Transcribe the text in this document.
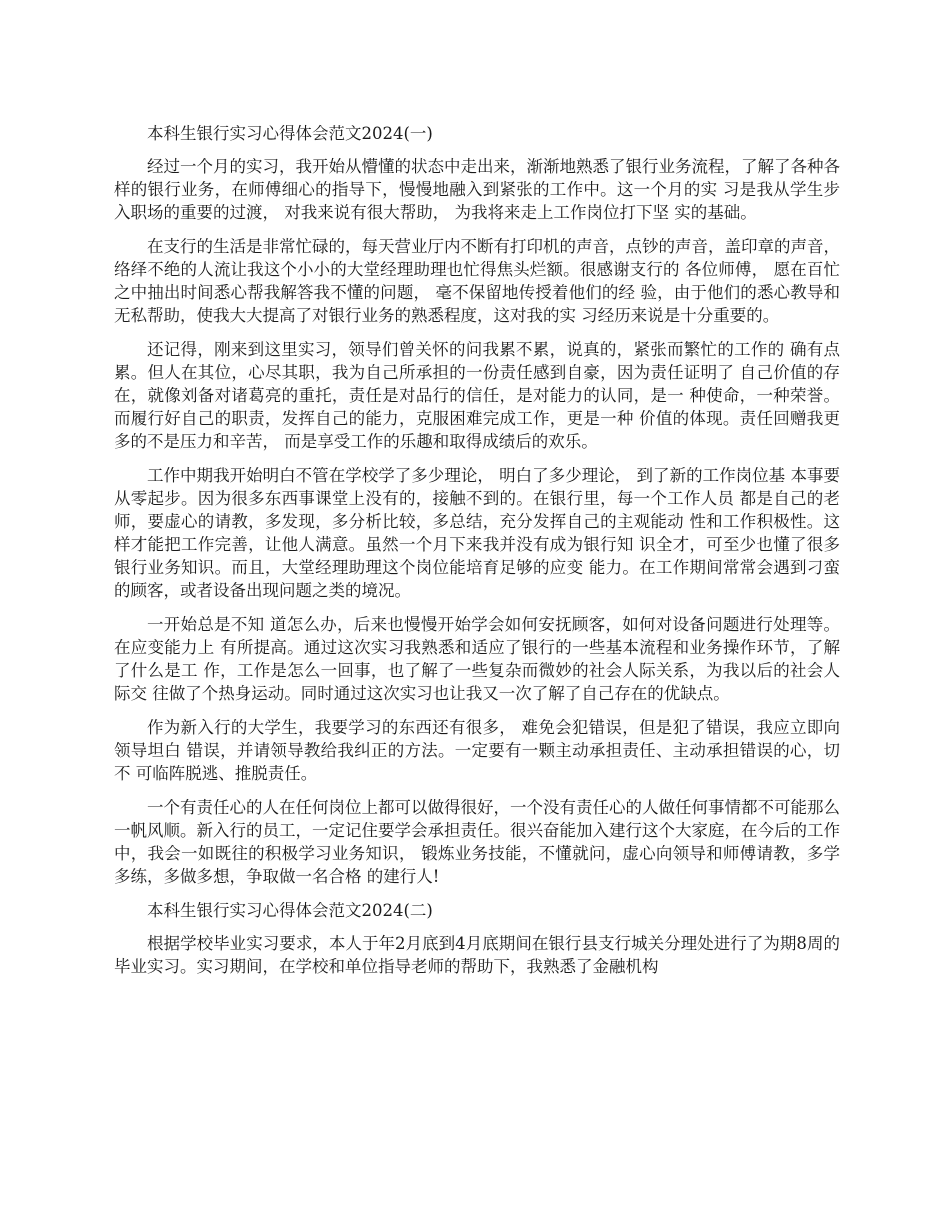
本科生银行实习心得体会范文2024(一)

经过一个月的实习，我开始从懵懂的状态中走出来，渐渐地熟悉了银行业务流程，了解了各种各样的银行业务，在师傅细心的指导下，慢慢地融入到紧张的工作中。这一个月的实 习是我从学生步入职场的重要的过渡， 对我来说有很大帮助， 为我将来走上工作岗位打下坚 实的基础。

在支行的生活是非常忙碌的，每天营业厅内不断有打印机的声音，点钞的声音，盖印章的声音， 络绎不绝的人流让我这个小小的大堂经理助理也忙得焦头烂额。很感谢支行的 各位师傅， 愿在百忙之中抽出时间悉心帮我解答我不懂的问题， 毫不保留地传授着他们的经 验，由于他们的悉心教导和无私帮助，使我大大提高了对银行业务的熟悉程度，这对我的实 习经历来说是十分重要的。

还记得，刚来到这里实习，领导们曾关怀的问我累不累，说真的，紧张而繁忙的工作的 确有点累。但人在其位，心尽其职，我为自己所承担的一份责任感到自豪，因为责任证明了 自己价值的存在，就像刘备对诸葛亮的重托，责任是对品行的信任，是对能力的认同，是一 种使命，一种荣誉。而履行好自己的职责，发挥自己的能力，克服困难完成工作，更是一种 价值的体现。责任回赠我更多的不是压力和辛苦， 而是享受工作的乐趣和取得成绩后的欢乐。

工作中期我开始明白不管在学校学了多少理论， 明白了多少理论， 到了新的工作岗位基 本事要从零起步。因为很多东西事课堂上没有的，接触不到的。在银行里，每一个工作人员 都是自己的老师，要虚心的请教，多发现，多分析比较，多总结，充分发挥自己的主观能动 性和工作积极性。这样才能把工作完善，让他人满意。虽然一个月下来我并没有成为银行知 识全才，可至少也懂了很多银行业务知识。而且，大堂经理助理这个岗位能培育足够的应变 能力。在工作期间常常会遇到刁蛮的顾客，或者设备出现问题之类的境况。

一开始总是不知 道怎么办，后来也慢慢开始学会如何安抚顾客，如何对设备问题进行处理等。在应变能力上 有所提高。通过这次实习我熟悉和适应了银行的一些基本流程和业务操作环节，了解了什么是工 作，工作是怎么一回事，也了解了一些复杂而微妙的社会人际关系，为我以后的社会人际交 往做了个热身运动。同时通过这次实习也让我又一次了解了自己存在的优缺点。

作为新入行的大学生，我要学习的东西还有很多， 难免会犯错误，但是犯了错误，我应立即向领导坦白 错误，并请领导教给我纠正的方法。一定要有一颗主动承担责任、主动承担错误的心，切不 可临阵脱逃、推脱责任。

一个有责任心的人在任何岗位上都可以做得很好，一个没有责任心的人做任何事情都不可能那么一帆风顺。新入行的员工，一定记住要学会承担责任。很兴奋能加入建行这个大家庭，在今后的工作中，我会一如既往的积极学习业务知识， 锻炼业务技能，不懂就问，虚心向领导和师傅请教，多学多练，多做多想，争取做一名合格 的建行人!

本科生银行实习心得体会范文2024(二)

根据学校毕业实习要求，本人于年2月底到4月底期间在银行县支行城关分理处进行了为期8周的毕业实习。实习期间，在学校和单位指导老师的帮助下，我熟悉了金融机构
